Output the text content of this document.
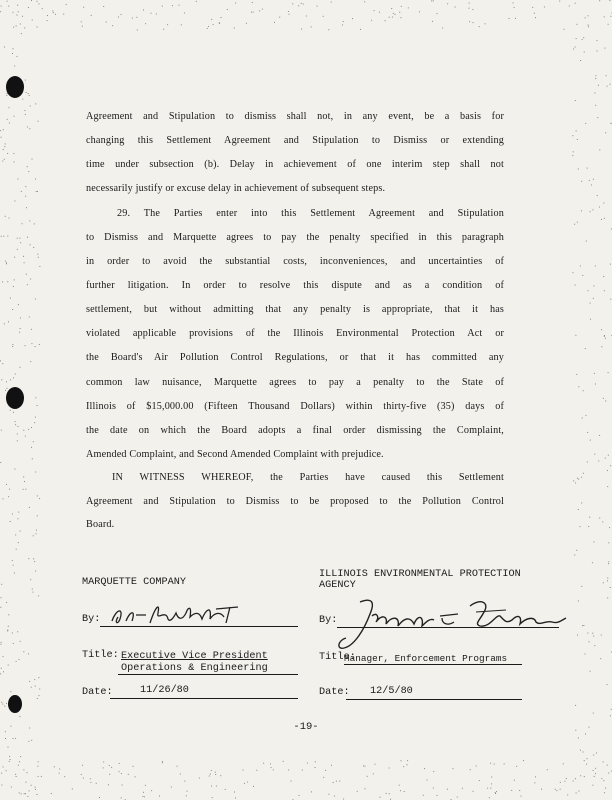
Agreement and Stipulation to dismiss shall not, in any event, be a basis for
changing this Settlement Agreement and Stipulation to Dismiss or extending
time under subsection (b). Delay in achievement of one interim step shall not
necessarily justify or excuse delay in achievement of subsequent steps.
29. The Parties enter into this Settlement Agreement and Stipulation
to Dismiss and Marquette agrees to pay the penalty specified in this paragraph
in order to avoid the substantial costs, inconveniences, and uncertainties of
further litigation. In order to resolve this dispute and as a condition of
settlement, but without admitting that any penalty is appropriate, that it has
violated applicable provisions of the Illinois Environmental Protection Act or
the Board's Air Pollution Control Regulations, or that it has committed any
common law nuisance, Marquette agrees to pay a penalty to the State of
Illinois of $15,000.00 (Fifteen Thousand Dollars) within thirty-five (35) days of
the date on which the Board adopts a final order dismissing the Complaint,
Amended Complaint, and Second Amended Complaint with prejudice.
IN WITNESS WHEREOF, the Parties have caused this Settlement
Agreement and Stipulation to Dismiss to be proposed to the Pollution Control
Board.
MARQUETTE COMPANY
By:
Title: Executive Vice President
Operations & Engineering
Date:	11/26/80
ILLINOIS ENVIRONMENTAL PROTECTION
AGENCY
By:
Title:
Manager, Enforcement Programs
Date: 12/5/80
-19-
